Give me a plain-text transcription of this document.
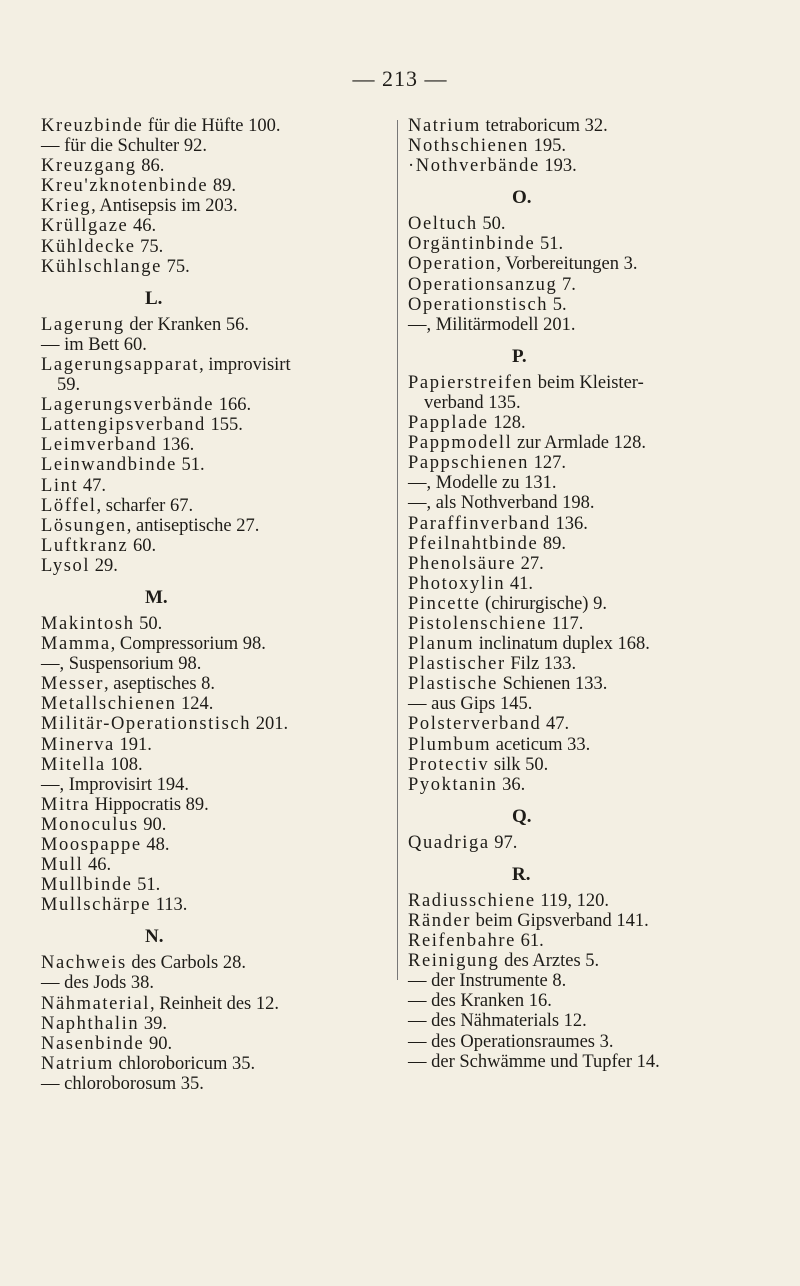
— 213 —
Kreuzbinde für die Hüfte 100.
— für die Schulter 92.
Kreuzgang 86.
Kreu'zknotenbinde 89.
Krieg, Antisepsis im 203.
Krüllgaze 46.
Kühldecke 75.
Kühlschlange 75.
L.
Lagerung der Kranken 56.
— im Bett 60.
Lagerungsapparat, improvisirt
59.
Lagerungsverbände 166.
Lattengipsverband 155.
Leimverband 136.
Leinwandbinde 51.
Lint 47.
Löffel, scharfer 67.
Lösungen, antiseptische 27.
Luftkranz 60.
Lysol 29.
M.
Makintosh 50.
Mamma, Compressorium 98.
—, Suspensorium 98.
Messer, aseptisches 8.
Metallschienen 124.
Militär-Operationstisch 201.
Minerva 191.
Mitella 108.
—, Improvisirt 194.
Mitra Hippocratis 89.
Monoculus 90.
Moospappe 48.
Mull 46.
Mullbinde 51.
Mullschärpe 113.
N.
Nachweis des Carbols 28.
— des Jods 38.
Nähmaterial, Reinheit des 12.
Naphthalin 39.
Nasenbinde 90.
Natrium chloroboricum 35.
— chloroborosum 35.
Natrium tetraboricum 32.
Nothschienen 195.
·Nothverbände 193.
O.
Oeltuch 50.
Orgäntinbinde 51.
Operation, Vorbereitungen 3.
Operationsanzug 7.
Operationstisch 5.
—, Militärmodell 201.
P.
Papierstreifen beim Kleister-
verband 135.
Papplade 128.
Pappmodell zur Armlade 128.
Pappschienen 127.
—, Modelle zu 131.
—, als Nothverband 198.
Paraffinverband 136.
Pfeilnahtbinde 89.
Phenolsäure 27.
Photoxylin 41.
Pincette (chirurgische) 9.
Pistolenschiene 117.
Planum inclinatum duplex 168.
Plastischer Filz 133.
Plastische Schienen 133.
— aus Gips 145.
Polsterverband 47.
Plumbum aceticum 33.
Protectiv silk 50.
Pyoktanin 36.
Q.
Quadriga 97.
R.
Radiusschiene 119, 120.
Ränder beim Gipsverband 141.
Reifenbahre 61.
Reinigung des Arztes 5.
— der Instrumente 8.
— des Kranken 16.
— des Nähmaterials 12.
— des Operationsraumes 3.
— der Schwämme und Tupfer 14.
